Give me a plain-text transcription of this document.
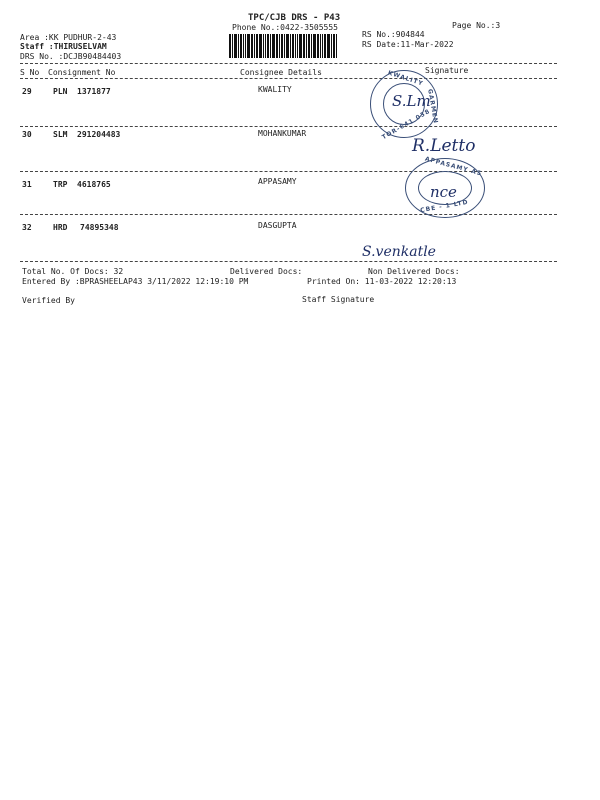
TPC/CJB DRS - P43
Phone No.:0422-3505555	Page No.:3
Area :KK PUDHUR-2-43
Staff :THIRUSELVAM
DRS No. :DCJB90484403
RS No.:904844
RS Date:11-Mar-2022
S No Consignment No	Consignee Details	Signature
29	PLN 1371877	KWALITY
30	SLM 291204483	MOHANKUMAR
31	TRP 4618765	APPASAMY
32	HRD 74895348	DASGUPTA
KWALITY
GARMEN
TOR-641 038
APPASAMY AS
CBE - 1 LTD
S.Lm
R.Letto
nce
S.venkatle
Total No. Of Docs: 32	Delivered Docs:	Non Delivered Docs:
Entered By :BPRASHEELAP43 3/11/2022 12:19:10 PM	Printed On: 11-03-2022 12:20:13
Verified By	Staff Signature
